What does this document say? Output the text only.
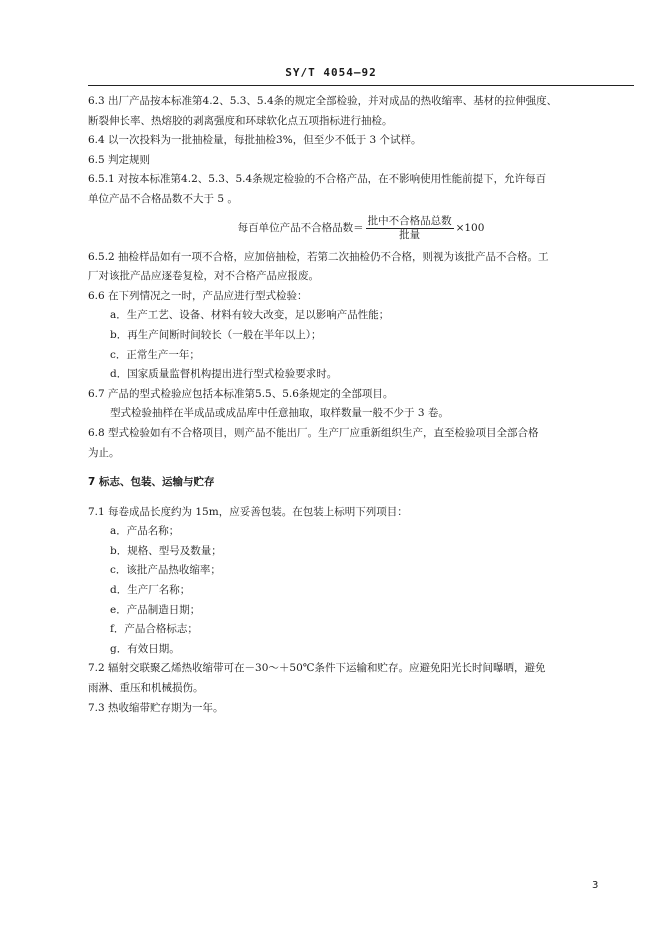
SY/T 4054—92

6.3 出厂产品按本标准第4.2、5.3、5.4条的规定全部检验，并对成品的热收缩率、基材的拉伸强度、

断裂伸长率、热熔胶的剥离强度和环球软化点五项指标进行抽检。

6.4 以一次投料为一批抽检量，每批抽检3%，但至少不低于 3 个试样。

6.5 判定规则

6.5.1 对按本标准第4.2、5.3、5.4条规定检验的不合格产品，在不影响使用性能前提下，允许每百

单位产品不合格品数不大于 5 。

每百单位产品不合格品数＝ $\frac{\text{批中不合格品总数}}{\text{批量}} \times 100$

6.5.2 抽检样品如有一项不合格，应加倍抽检，若第二次抽检仍不合格，则视为该批产品不合格。工

厂对该批产品应逐卷复检，对不合格产品应报废。

6.6 在下列情况之一时，产品应进行型式检验：

a．生产工艺、设备、材料有较大改变，足以影响产品性能；

b．再生产间断时间较长（一般在半年以上）；

c．正常生产一年；

d．国家质量监督机构提出进行型式检验要求时。

6.7 产品的型式检验应包括本标准第5.5、5.6条规定的全部项目。

型式检验抽样在半成品或成品库中任意抽取，取样数量一般不少于 3 卷。

6.8 型式检验如有不合格项目，则产品不能出厂。生产厂应重新组织生产，直至检验项目全部合格

为止。

7 标志、包装、运输与贮存

7.1 每卷成品长度约为 15m，应妥善包装。在包装上标明下列项目：

a．产品名称；

b．规格、型号及数量；

c．该批产品热收缩率；

d．生产厂名称；

e．产品制造日期；

f．产品合格标志；

g．有效日期。

7.2 辐射交联聚乙烯热收缩带可在－30～＋50℃条件下运输和贮存。应避免阳光长时间曝晒，避免

雨淋、重压和机械损伤。

7.3 热收缩带贮存期为一年。

3
